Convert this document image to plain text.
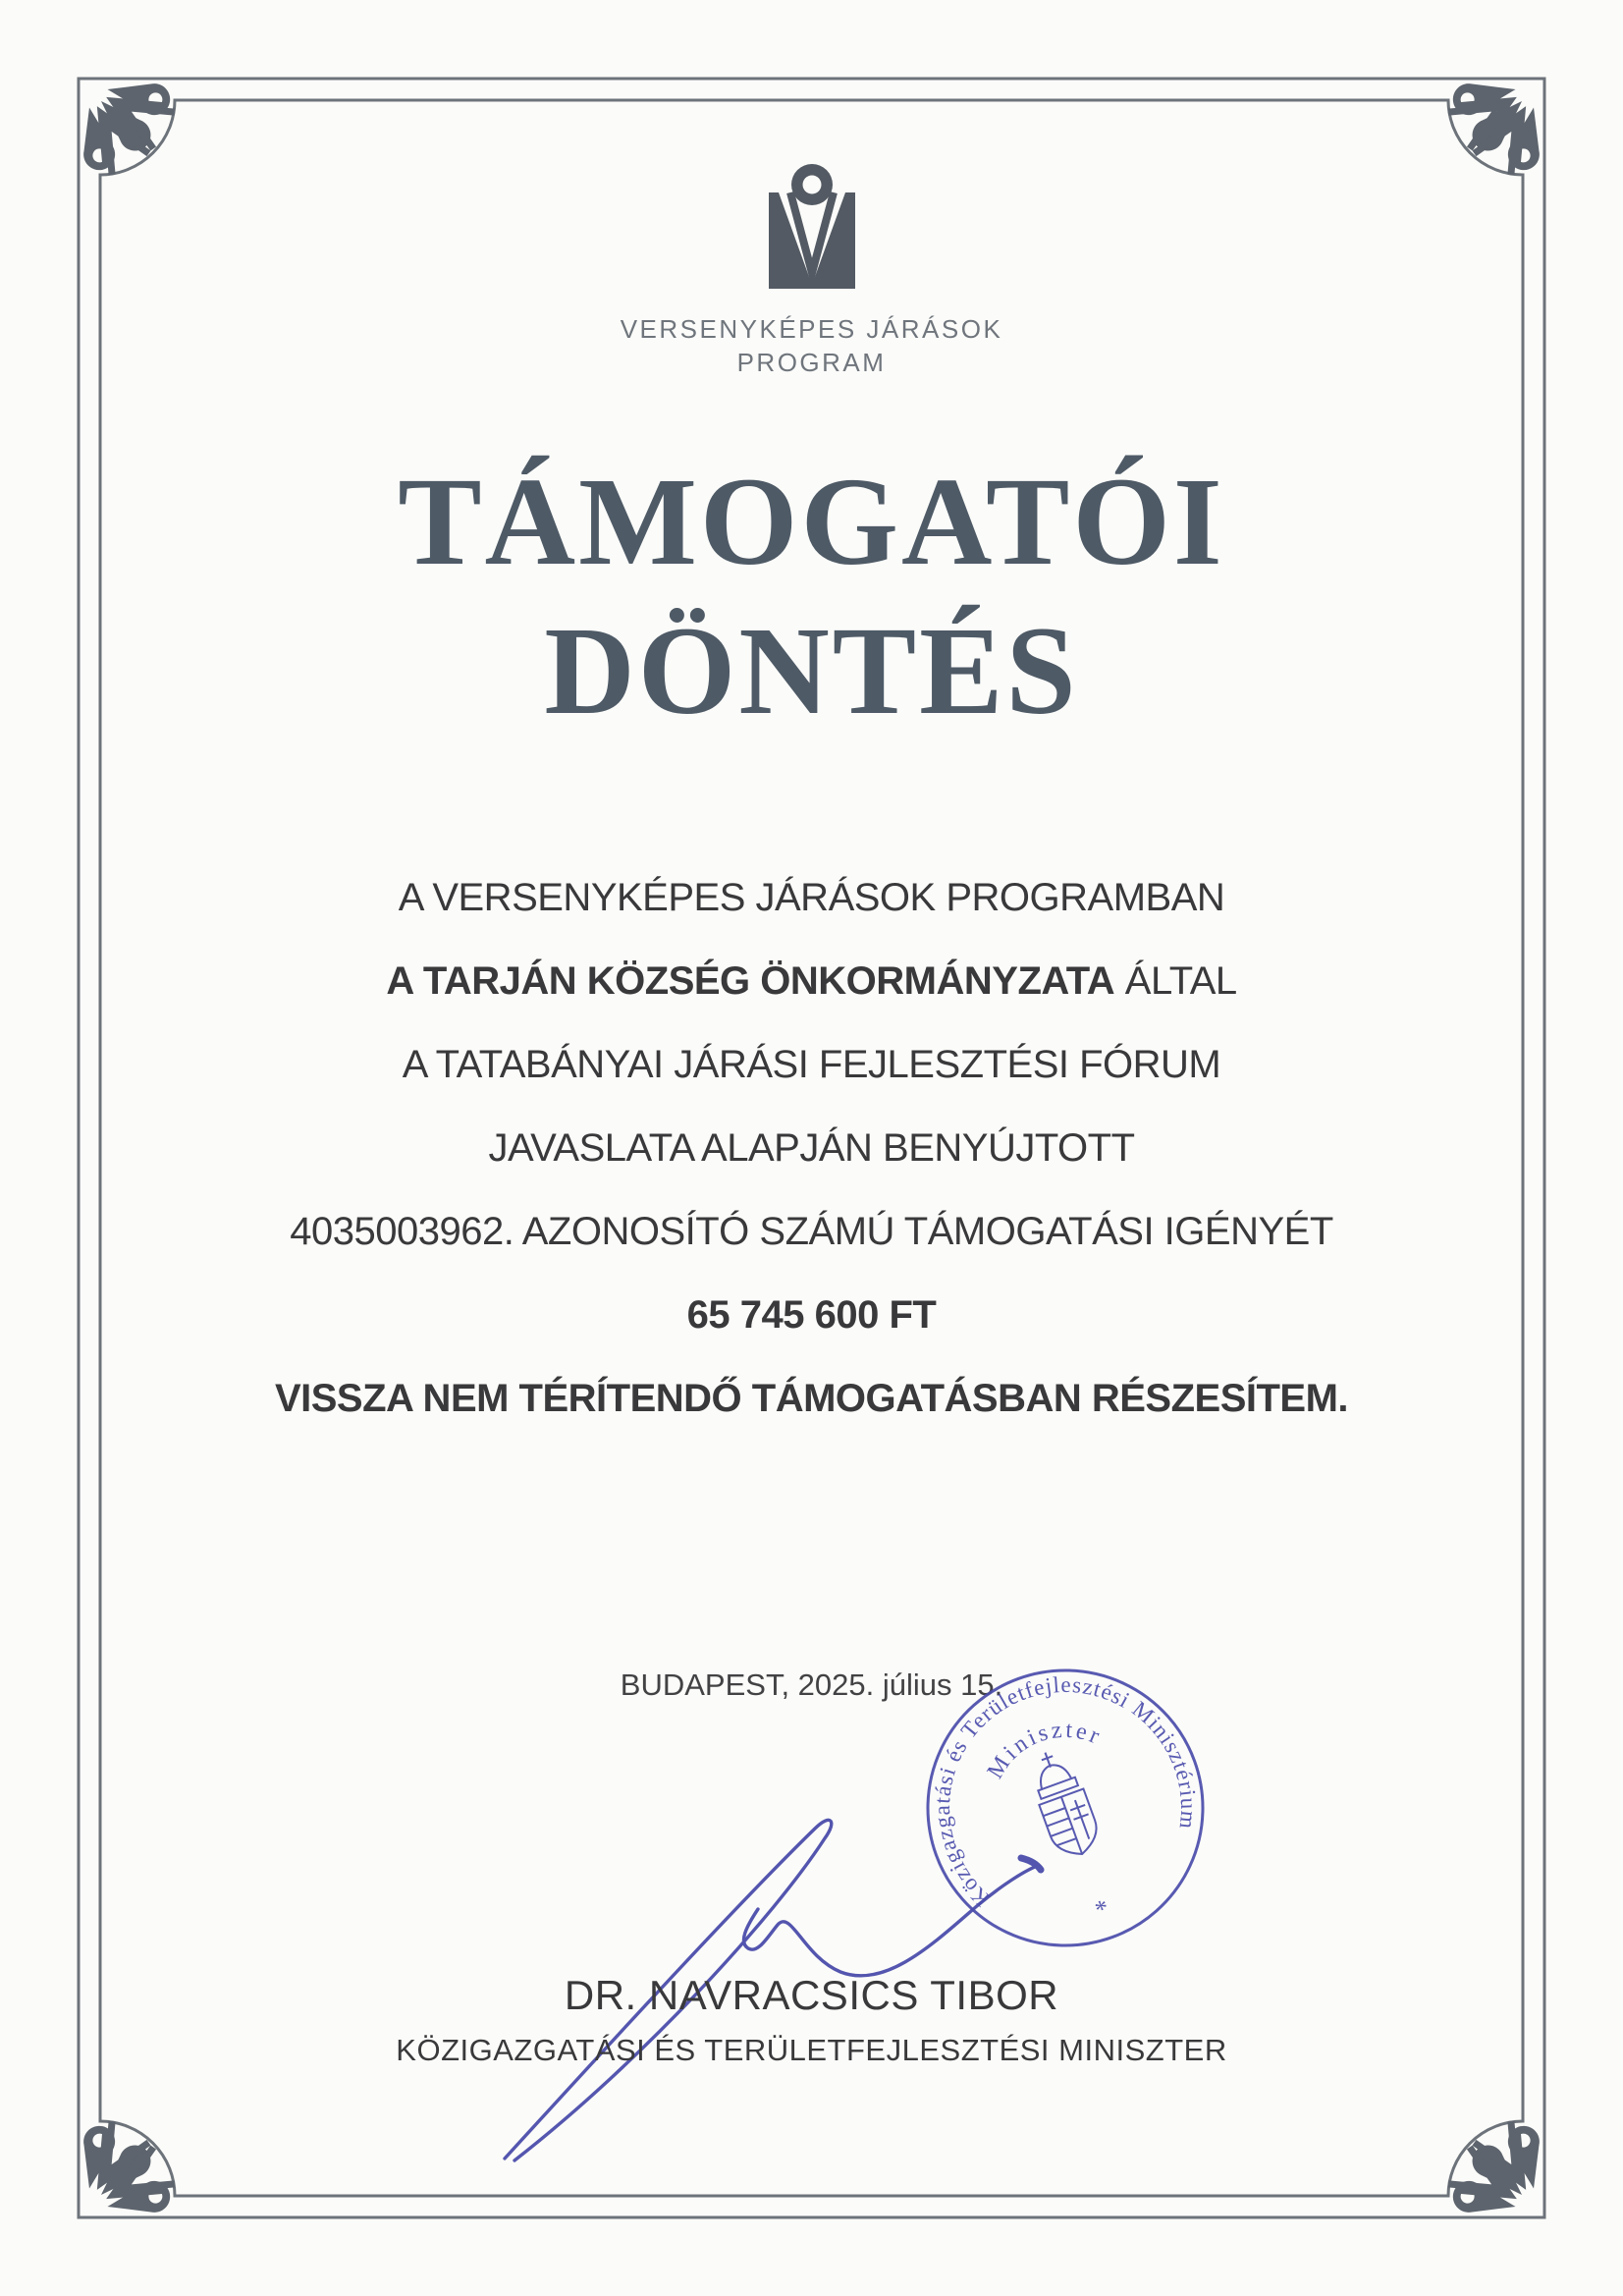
VERSENYKÉPES JÁRÁSOK
PROGRAM
TÁMOGATÓI
DÖNTÉS
A VERSENYKÉPES JÁRÁSOK PROGRAMBAN
A TARJÁN KÖZSÉG ÖNKORMÁNYZATA ÁLTAL
A TATABÁNYAI JÁRÁSI FEJLESZTÉSI FÓRUM
JAVASLATA ALAPJÁN BENYÚJTOTT
4035003962. AZONOSÍTÓ SZÁMÚ TÁMOGATÁSI IGÉNYÉT
65 745 600 FT
VISSZA NEM TÉRÍTENDŐ TÁMOGATÁSBAN RÉSZESÍTEM.
BUDAPEST, 2025. július 15.
Közigazgatási és Területfejlesztési Minisztérium
Miniszter
*
DR. NAVRACSICS TIBOR
KÖZIGAZGATÁSI ÉS TERÜLETFEJLESZTÉSI MINISZTER
